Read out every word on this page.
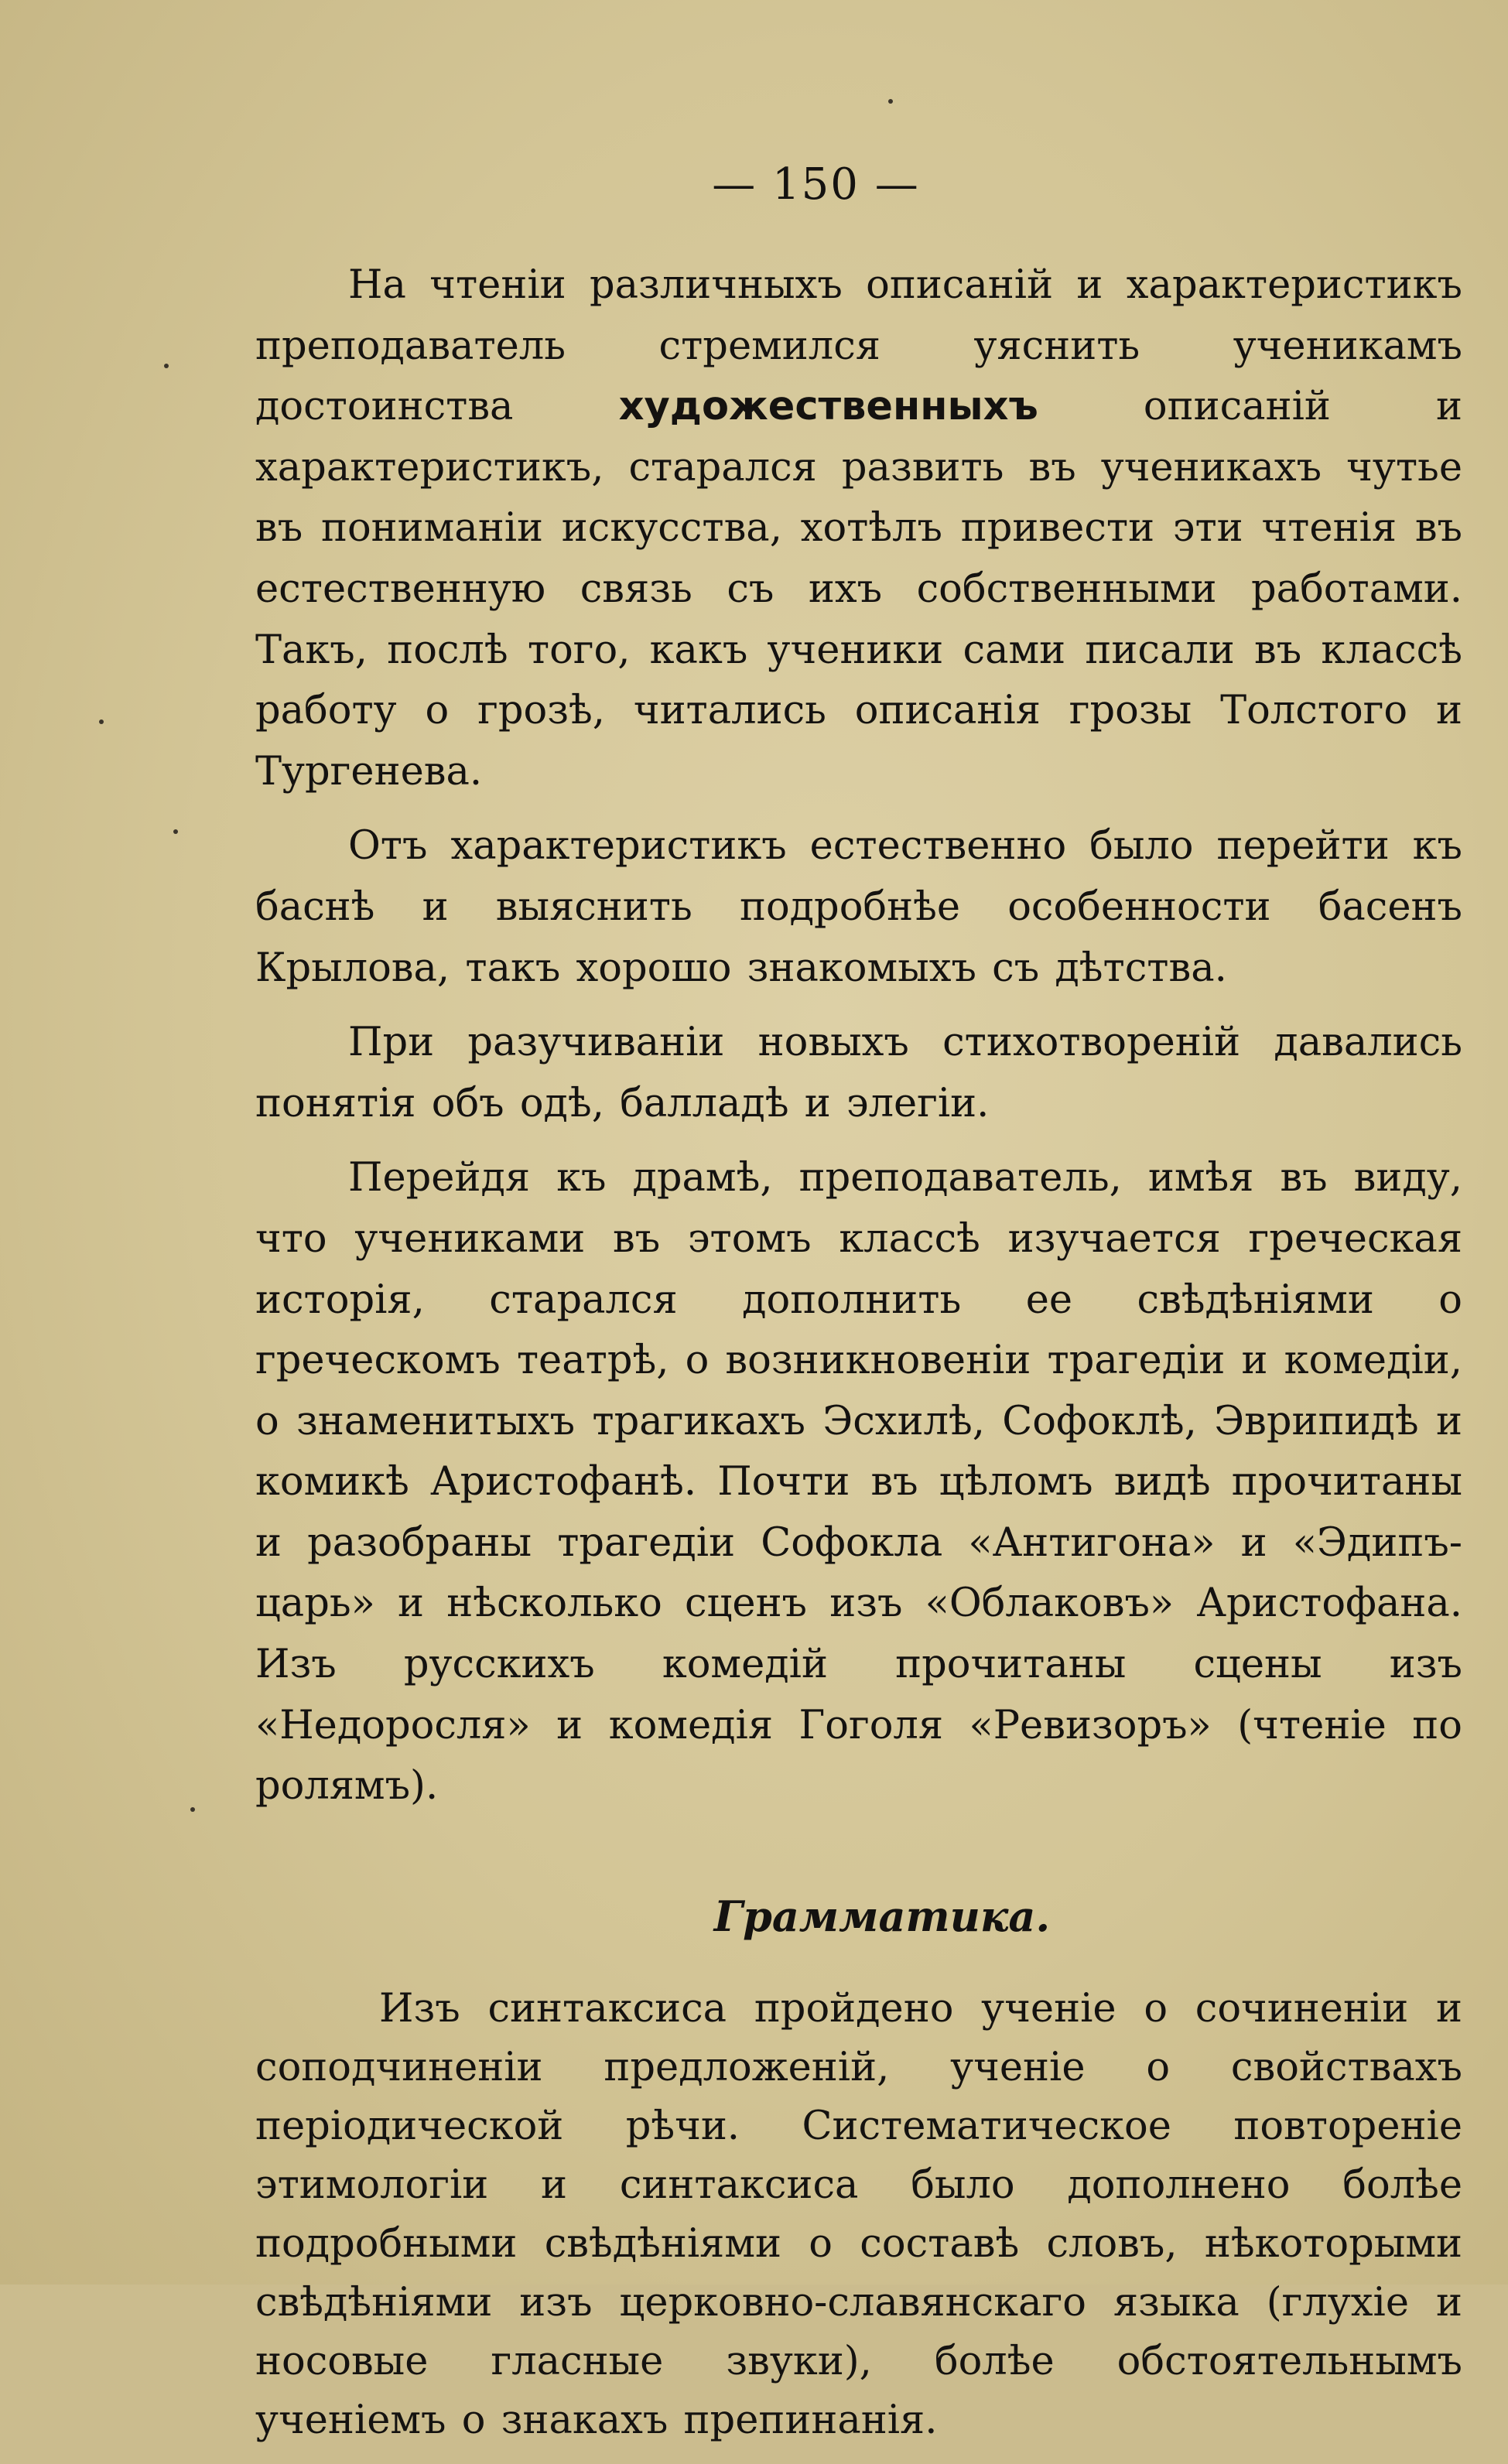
— 150 —

На чтеніи различныхъ описаній и характеристикъ преподаватель стремился уяснить ученикамъ достоинства художественныхъ описаній и характеристикъ, старался развить въ ученикахъ чутье въ пониманіи искусства, хотѣлъ привести эти чтенія въ естественную связь съ ихъ собственными работами. Такъ, послѣ того, какъ ученики сами писали въ классѣ работу о грозѣ, читались описанія грозы Толстого и Тургенева.

Отъ характеристикъ естественно было перейти къ баснѣ и выяснить подробнѣе особенности басенъ Крылова, такъ хорошо знакомыхъ съ дѣтства.

При разучиваніи новыхъ стихотвореній давались понятія объ одѣ, балладѣ и элегіи.

Перейдя къ драмѣ, преподаватель, имѣя въ виду, что учениками въ этомъ классѣ изучается греческая исторія, старался дополнить ее свѣдѣніями о греческомъ театрѣ, о возникновеніи трагедіи и комедіи, о знаменитыхъ трагикахъ Эсхилѣ, Софоклѣ, Эврипидѣ и комикѣ Аристофанѣ. Почти въ цѣломъ видѣ прочитаны и разобраны трагедіи Софокла «Антигона» и «Эдипъ-царь» и нѣсколько сценъ изъ «Облаковъ» Аристофана. Изъ русскихъ комедій прочитаны сцены изъ «Недоросля» и комедія Гоголя «Ревизоръ» (чтеніе по ролямъ).

Грамматика.

Изъ синтаксиса пройдено ученіе о сочиненіи и соподчиненіи предложеній, ученіе о свойствахъ періодической рѣчи. Систематическое повтореніе этимологіи и синтаксиса было дополнено болѣе подробными свѣдѣніями о составѣ словъ, нѣкоторыми свѣдѣніями изъ церковно-славянскаго языка (глухіе и носовые гласные звуки), болѣе обстоятельнымъ ученіемъ о знакахъ препинанія.
